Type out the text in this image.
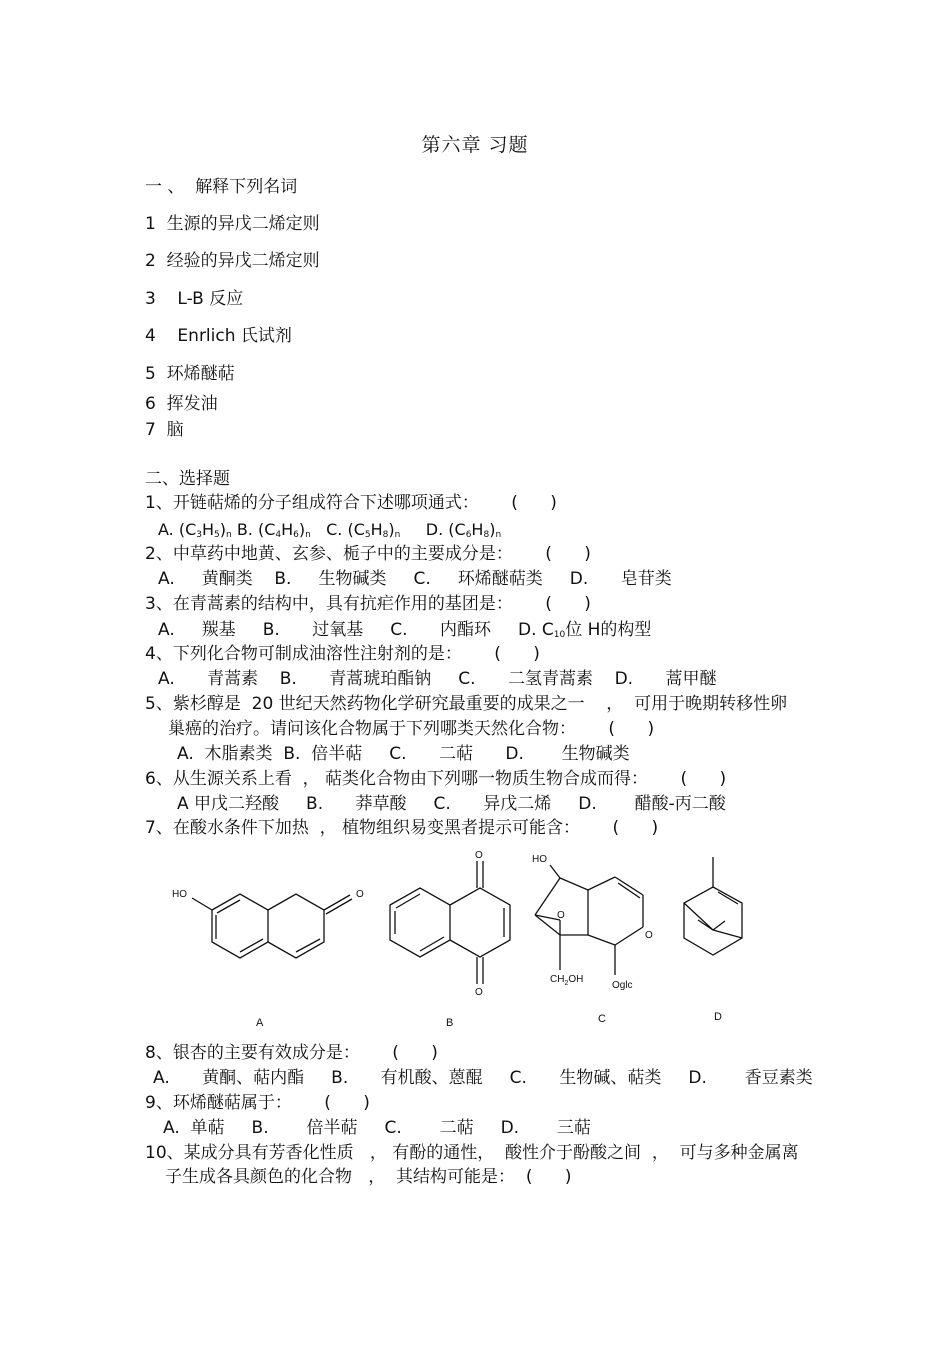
第六章 习题
一 、  解释下列名词
1  生源的异戊二烯定则
2  经验的异戊二烯定则
3    L-B 反应
4    Enrlich 氏试剂
5  环烯醚萜
6  挥发油
7  脑
二、选择题
1、开链萜烯的分子组成符合下述哪项通式：      (      )
A. $(C_3H_5)_n$ B. $(C_4H_6)_n$ C. $(C_5H_8)_n$ D. $(C_6H_8)_n$
2、中草药中地黄、玄参、栀子中的主要成分是：      (      )
A.     黄酮类    B.     生物碱类     C.     环烯醚萜类     D.      皂苷类
3、在青蒿素的结构中，具有抗疟作用的基团是：      (      )
A.     羰基     B.      过氧基     C.      内酯环     D. $C_{10}$位 H的构型
4、下列化合物可制成油溶性注射剂的是：      (      )
A.      青蒿素    B.      青蒿琥珀酯钠     C.      二氢青蒿素    D.      蒿甲醚
5、紫杉醇是  20 世纪天然药物化学研究最重要的成果之一    ，  可用于晚期转移性卵
巢癌的治疗。请问该化合物属于下列哪类天然化合物：      (      )
A.  木脂素类  B.  倍半萜     C.      二萜      D.       生物碱类
6、从生源关系上看  ， 萜类化合物由下列哪一物质生物合成而得：      (      )
A 甲戊二羟酸     B.      莽草酸     C.      异戊二烯     D.       醋酸-丙二酸
7、在酸水条件下加热  ， 植物组织易变黑者提示可能含：      (      )
HO	O
O
O
HO
O
O
$CH_2OH$
Oglc
A	B	C	D
8、银杏的主要有效成分是：      (      )
A.      黄酮、萜内酯     B.      有机酸、蒽醌     C.      生物碱、萜类     D.       香豆素类
9、环烯醚萜属于：      (      )
A.  单萜     B.       倍半萜     C.       二萜     D.       三萜
10、某成分具有芳香化性质   ， 有酚的通性，  酸性介于酚酸之间  ，  可与多种金属离
子生成各具颜色的化合物   ，  其结构可能是：  (      )
